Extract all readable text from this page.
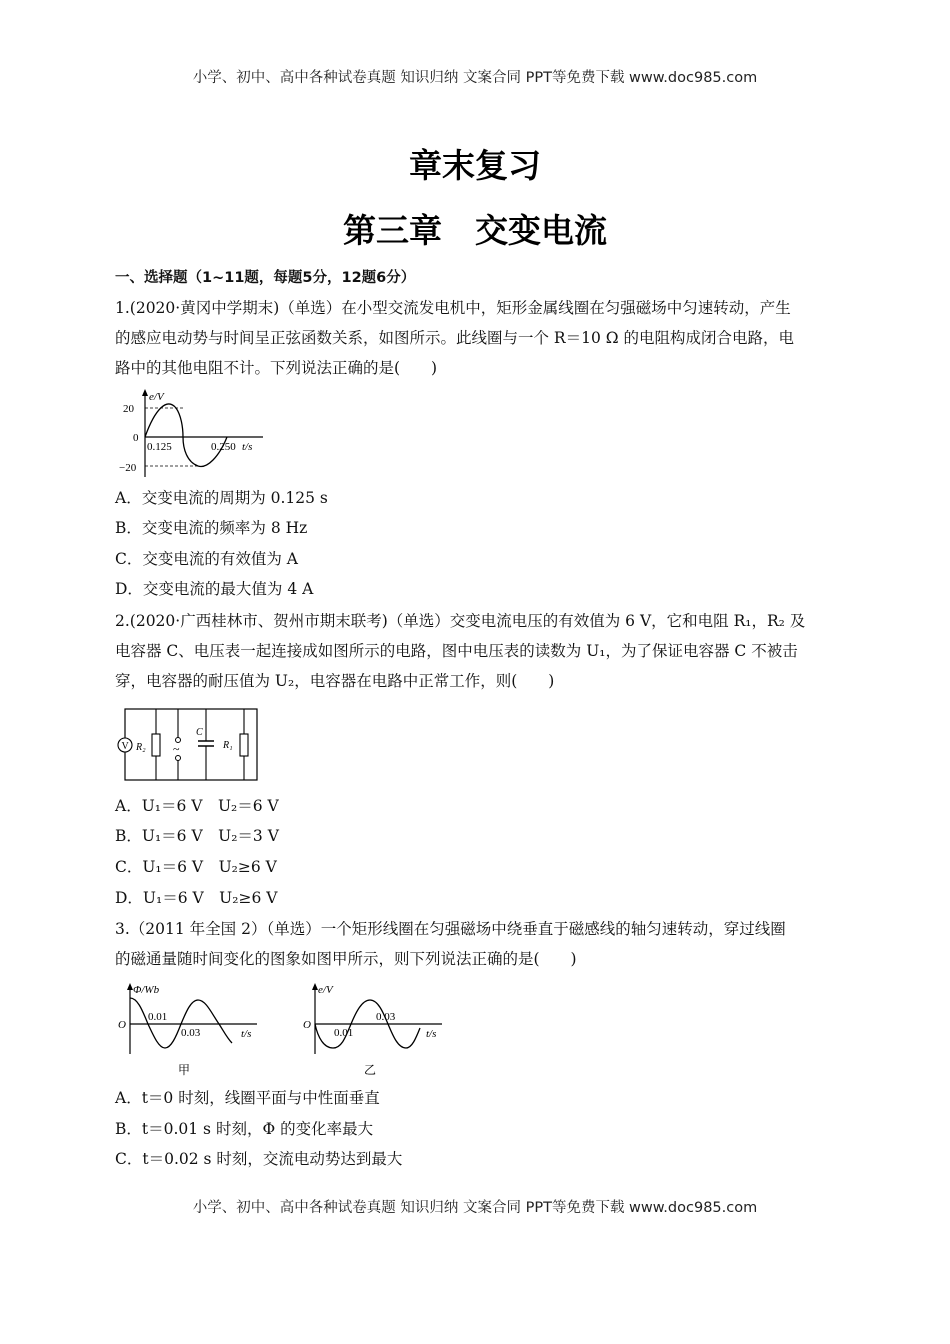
小学、初中、高中各种试卷真题 知识归纳 文案合同 PPT等免费下载 www.doc985.com
章末复习
第三章　交变电流
一、选择题（1~11题，每题5分，12题6分）
1.(2020·黄冈中学期末)（单选）在小型交流发电机中，矩形金属线圈在匀强磁场中匀速转动，产生
的感应电动势与时间呈正弦函数关系，如图所示。此线圈与一个 R＝10 Ω 的电阻构成闭合电路，电
路中的其他电阻不计。下列说法正确的是(　　)
e/V
20
0
−20
0.125	0.250 t/s
A．交变电流的周期为 0.125 s
B．交变电流的频率为 8 Hz
C．交变电流的有效值为 A
D．交变电流的最大值为 4 A
2.(2020·广西桂林市、贺州市期末联考)（单选）交变电流电压的有效值为 6 V，它和电阻 R₁，R₂ 及
电容器 C、电压表一起连接成如图所示的电路，图中电压表的读数为 U₁，为了保证电容器 C 不被击
穿，电容器的耐压值为 U₂，电容器在电路中正常工作，则(　　)
V R₂ ~
C
R₁
A．U₁＝6 V　U₂＝6 V
B．U₁＝6 V　U₂＝3 V
C．U₁＝6 V　U₂≥6 V
D．U₁＝6 V　U₂≥6 V
3.（2011 年全国 2）（单选）一个矩形线圈在匀强磁场中绕垂直于磁感线的轴匀速转动，穿过线圈
的磁通量随时间变化的图象如图甲所示，则下列说法正确的是(　　)
Φ/Wb
O
0.01
0.03	t/s
甲
e/V
O
0.01
0.03
t/s
乙
A．t＝0 时刻，线圈平面与中性面垂直
B．t＝0.01 s 时刻，Φ 的变化率最大
C．t＝0.02 s 时刻，交流电动势达到最大
小学、初中、高中各种试卷真题 知识归纳 文案合同 PPT等免费下载 www.doc985.com
